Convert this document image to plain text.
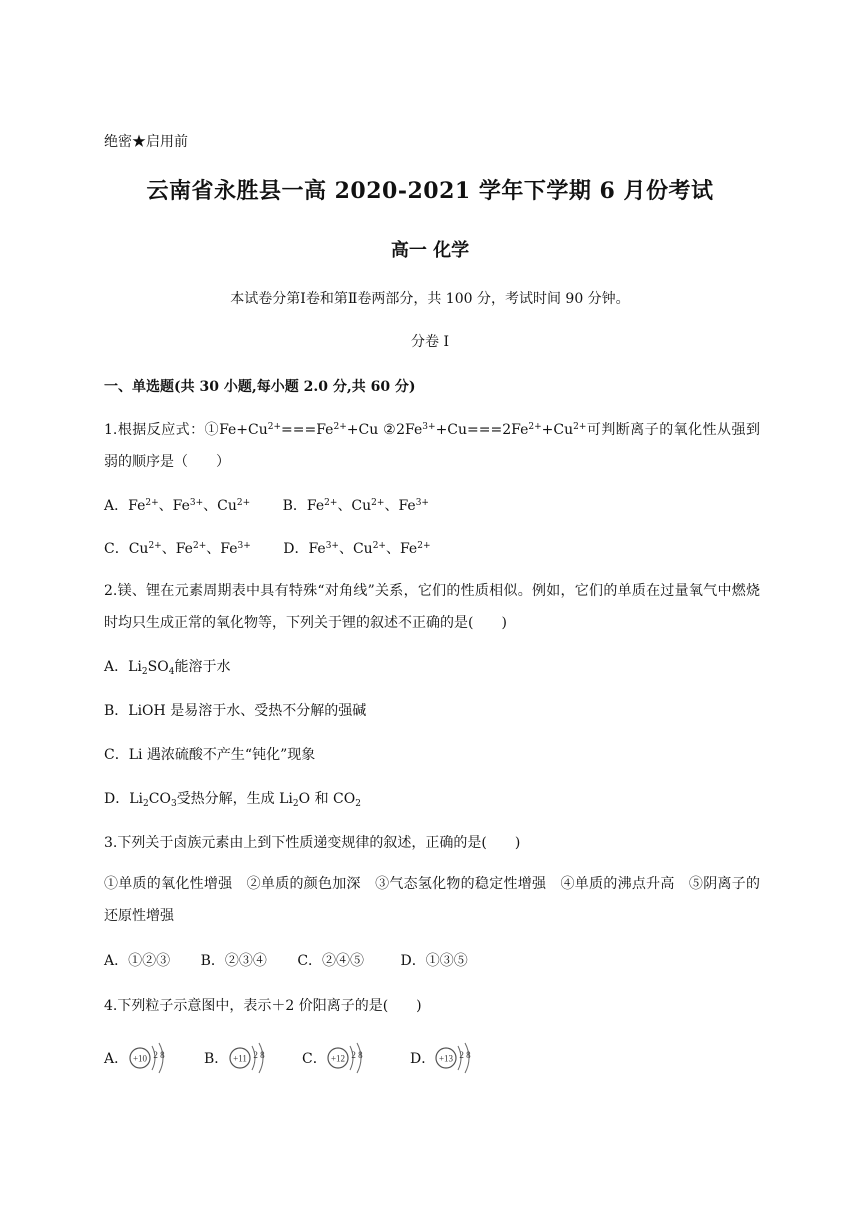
绝密★启用前
云南省永胜县一高 2020-2021 学年下学期 6 月份考试
高一 化学
本试卷分第Ⅰ卷和第Ⅱ卷两部分，共 100 分，考试时间 90 分钟。
分卷 I
一、单选题(共 30 小题,每小题 2.0 分,共 60 分)
1.根据反应式：$①Fe+Cu^{2+}===Fe^{2+}+Cu$ $②2Fe^{3+}+Cu===2Fe^{2+}+Cu^{2+}$可判断离子的氧化性从强到弱的顺序是（　　）
A．$Fe^{2+}$、$Fe^{3+}$、$Cu^{2+}$ B．$Fe^{2+}$、$Cu^{2+}$、$Fe^{3+}$
C．$Cu^{2+}$、$Fe^{2+}$、$Fe^{3+}$ D．$Fe^{3+}$、$Cu^{2+}$、$Fe^{2+}$
2.镁、锂在元素周期表中具有特殊“对角线”关系，它们的性质相似。例如，它们的单质在过量氧气中燃烧时均只生成正常的氧化物等，下列关于锂的叙述不正确的是(　　)
A．$Li_2SO_4$能溶于水
B．LiOH 是易溶于水、受热不分解的强碱
C．Li 遇浓硫酸不产生“钝化”现象
D．$Li_2CO_3$受热分解，生成 $Li_2O$ 和 $CO_2$
3.下列关于卤族元素由上到下性质递变规律的叙述，正确的是(　　)
①单质的氧化性增强　②单质的颜色加深　③气态氢化物的稳定性增强　④单质的沸点升高　⑤阴离子的还原性增强
A．①②③ B．②③④ C．②④⑤	D．①③⑤
4.下列粒子示意图中，表示＋2 价阳离子的是(　　)
A． +10 2 8	B． +11 2 8	C． +12 2 8	D． +13 2 8
